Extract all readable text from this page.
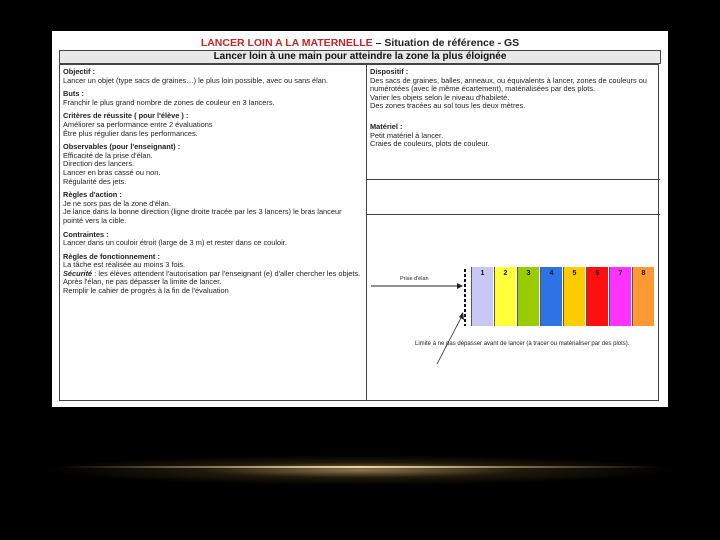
LANCER LOIN A LA MATERNELLE – Situation de référence - GS
Lancer loin à une main pour atteindre la zone la plus éloignée
Objectif :
Lancer un objet (type sacs de graines…) le plus loin possible, avec ou sans élan.
Buts :
Franchir le plus grand nombre de zones de couleur en 3 lancers.
Critères de réussite ( pour l'élève ) :
Améliorer sa performance entre 2 évaluations
Être plus régulier dans les performances.
Observables (pour l'enseignant) :
Efficacité de la prise d'élan.
Direction des lancers.
Lancer en bras cassé ou non.
Régularité des jets.
Règles d'action :
Je ne sors pas de la zone d'élan.
Je lance dans la bonne direction (ligne droite tracée par les 3 lancers) le bras lanceur pointé vers la cible.
Contraintes :
Lancer dans un couloir étroit (large de 3 m) et rester dans ce couloir.
Règles de fonctionnement :
La tâche est réalisée au moins 3 fois.
Sécurité : les élèves attendent l'autorisation par l'enseignant (e) d'aller chercher les objets.
Après l'élan, ne pas dépasser la limite de lancer.
Remplir le cahier de progrès à la fin de l'évaluation
Dispositif :
Des sacs de graines, balles, anneaux, ou équivalents à lancer, zones de couleurs ou numérotées (avec le même écartement), matérialisées par des plots.
Varier les objets selon le niveau d'habileté.
Des zones tracées au sol tous les deux mètres.
Matériel :
Petit matériel à lancer.
Craies de couleurs, plots de couleur.
Prise d'élan
1	2	3	4	5	6	7	8
Limite à ne pas dépasser avant de lancer (à tracer ou matérialiser par des plots).
